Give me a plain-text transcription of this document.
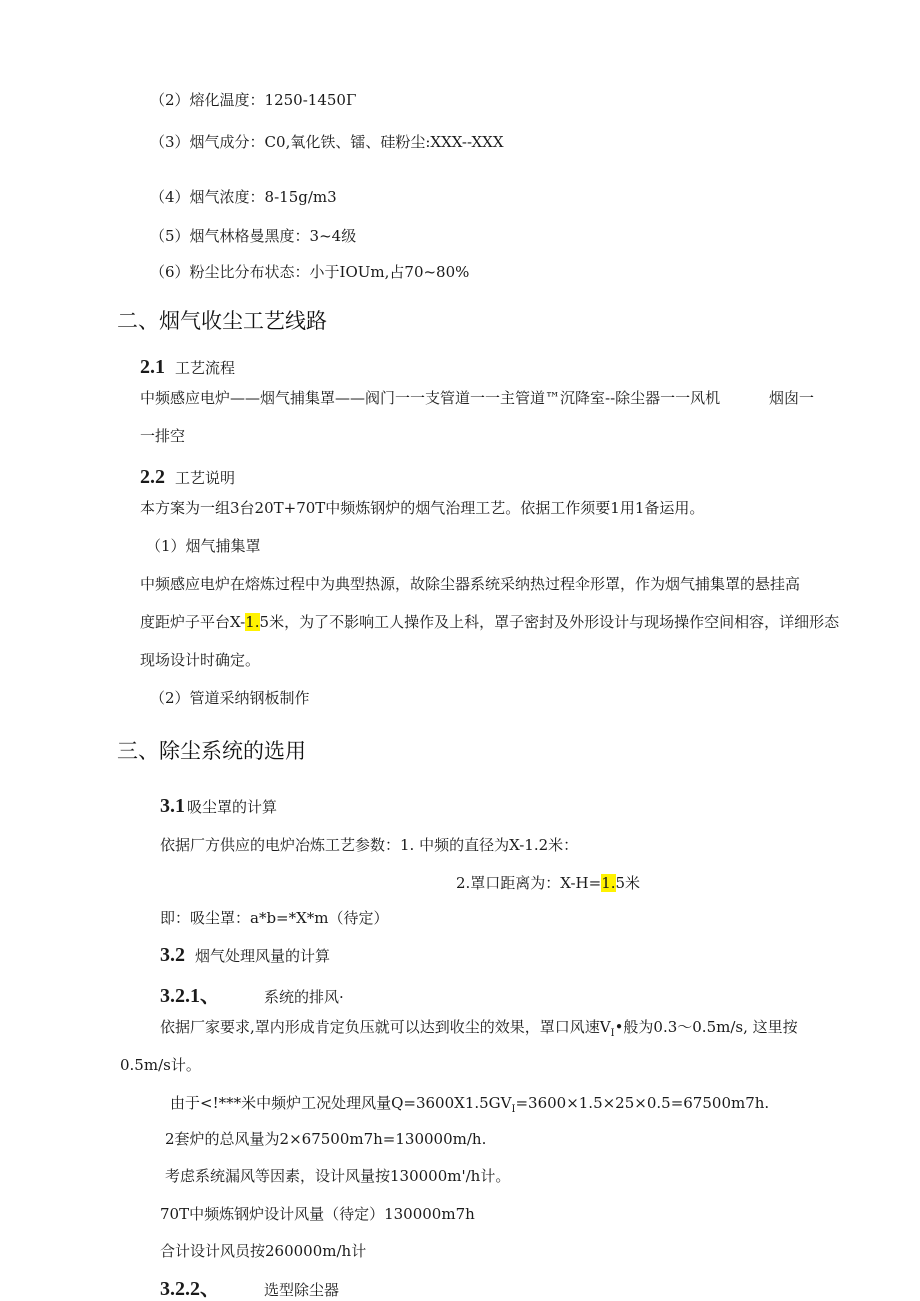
（2）熔化温度：1250-1450Γ
（3）烟气成分：C0,氧化铁、镭、硅粉尘:XXX--XXX
（4）烟气浓度：8-15g∕m3
（5）烟气林格曼黑度：3~4级
（6）粉尘比分布状态：小于IOUm,占70~80%
二、烟气收尘工艺线路
2.1 工艺流程
中频感应电炉——烟气捕集罩——阀门一一支管道一一主管道™沉降室--除尘器一一风机	烟囱一
一排空
2.2 工艺说明
本方案为一组3台20T+70T中频炼钢炉的烟气治理工艺。依据工作须要1用1备运用。
（1）烟气捕集罩
中频感应电炉在熔炼过程中为典型热源，故除尘器系统采纳热过程伞形罩，作为烟气捕集罩的悬挂高
度距炉子平台X-1.5米，为了不影响工人操作及上科，罩子密封及外形设计与现场操作空间相容，详细形态
现场设计时确定。
（2）管道采纳钢板制作
三、除尘系统的选用
3.1 吸尘罩的计算
依据厂方供应的电炉冶炼工艺参数：1. 中频的直径为X-1.2米：
2.罩口距离为：X-H=1.5米
即：吸尘罩：a*b=*X*m（待定）
3.2 烟气处理风量的计算
3.2.1、	系统的排风·
依据厂家要求,罩内形成肯定负压就可以达到收尘的效果，罩口风速$V_I•$般为0.3～0.5m/s, 这里按
0.5m/s计。
由于<!***米中频炉工况处理风量$Q=3600X1.5GV_I=3600\times 1.5\times 25\times 0.5=67500m7h$.
2套炉的总风量为2×67500m7h=130000m∕h.
考虑系统漏风等因素，设计风量按130000m'/h计。
70T中频炼钢炉设计风量（待定）130000m7h
合计设计风员按260000m/h计
3.2.2、	选型除尘器
